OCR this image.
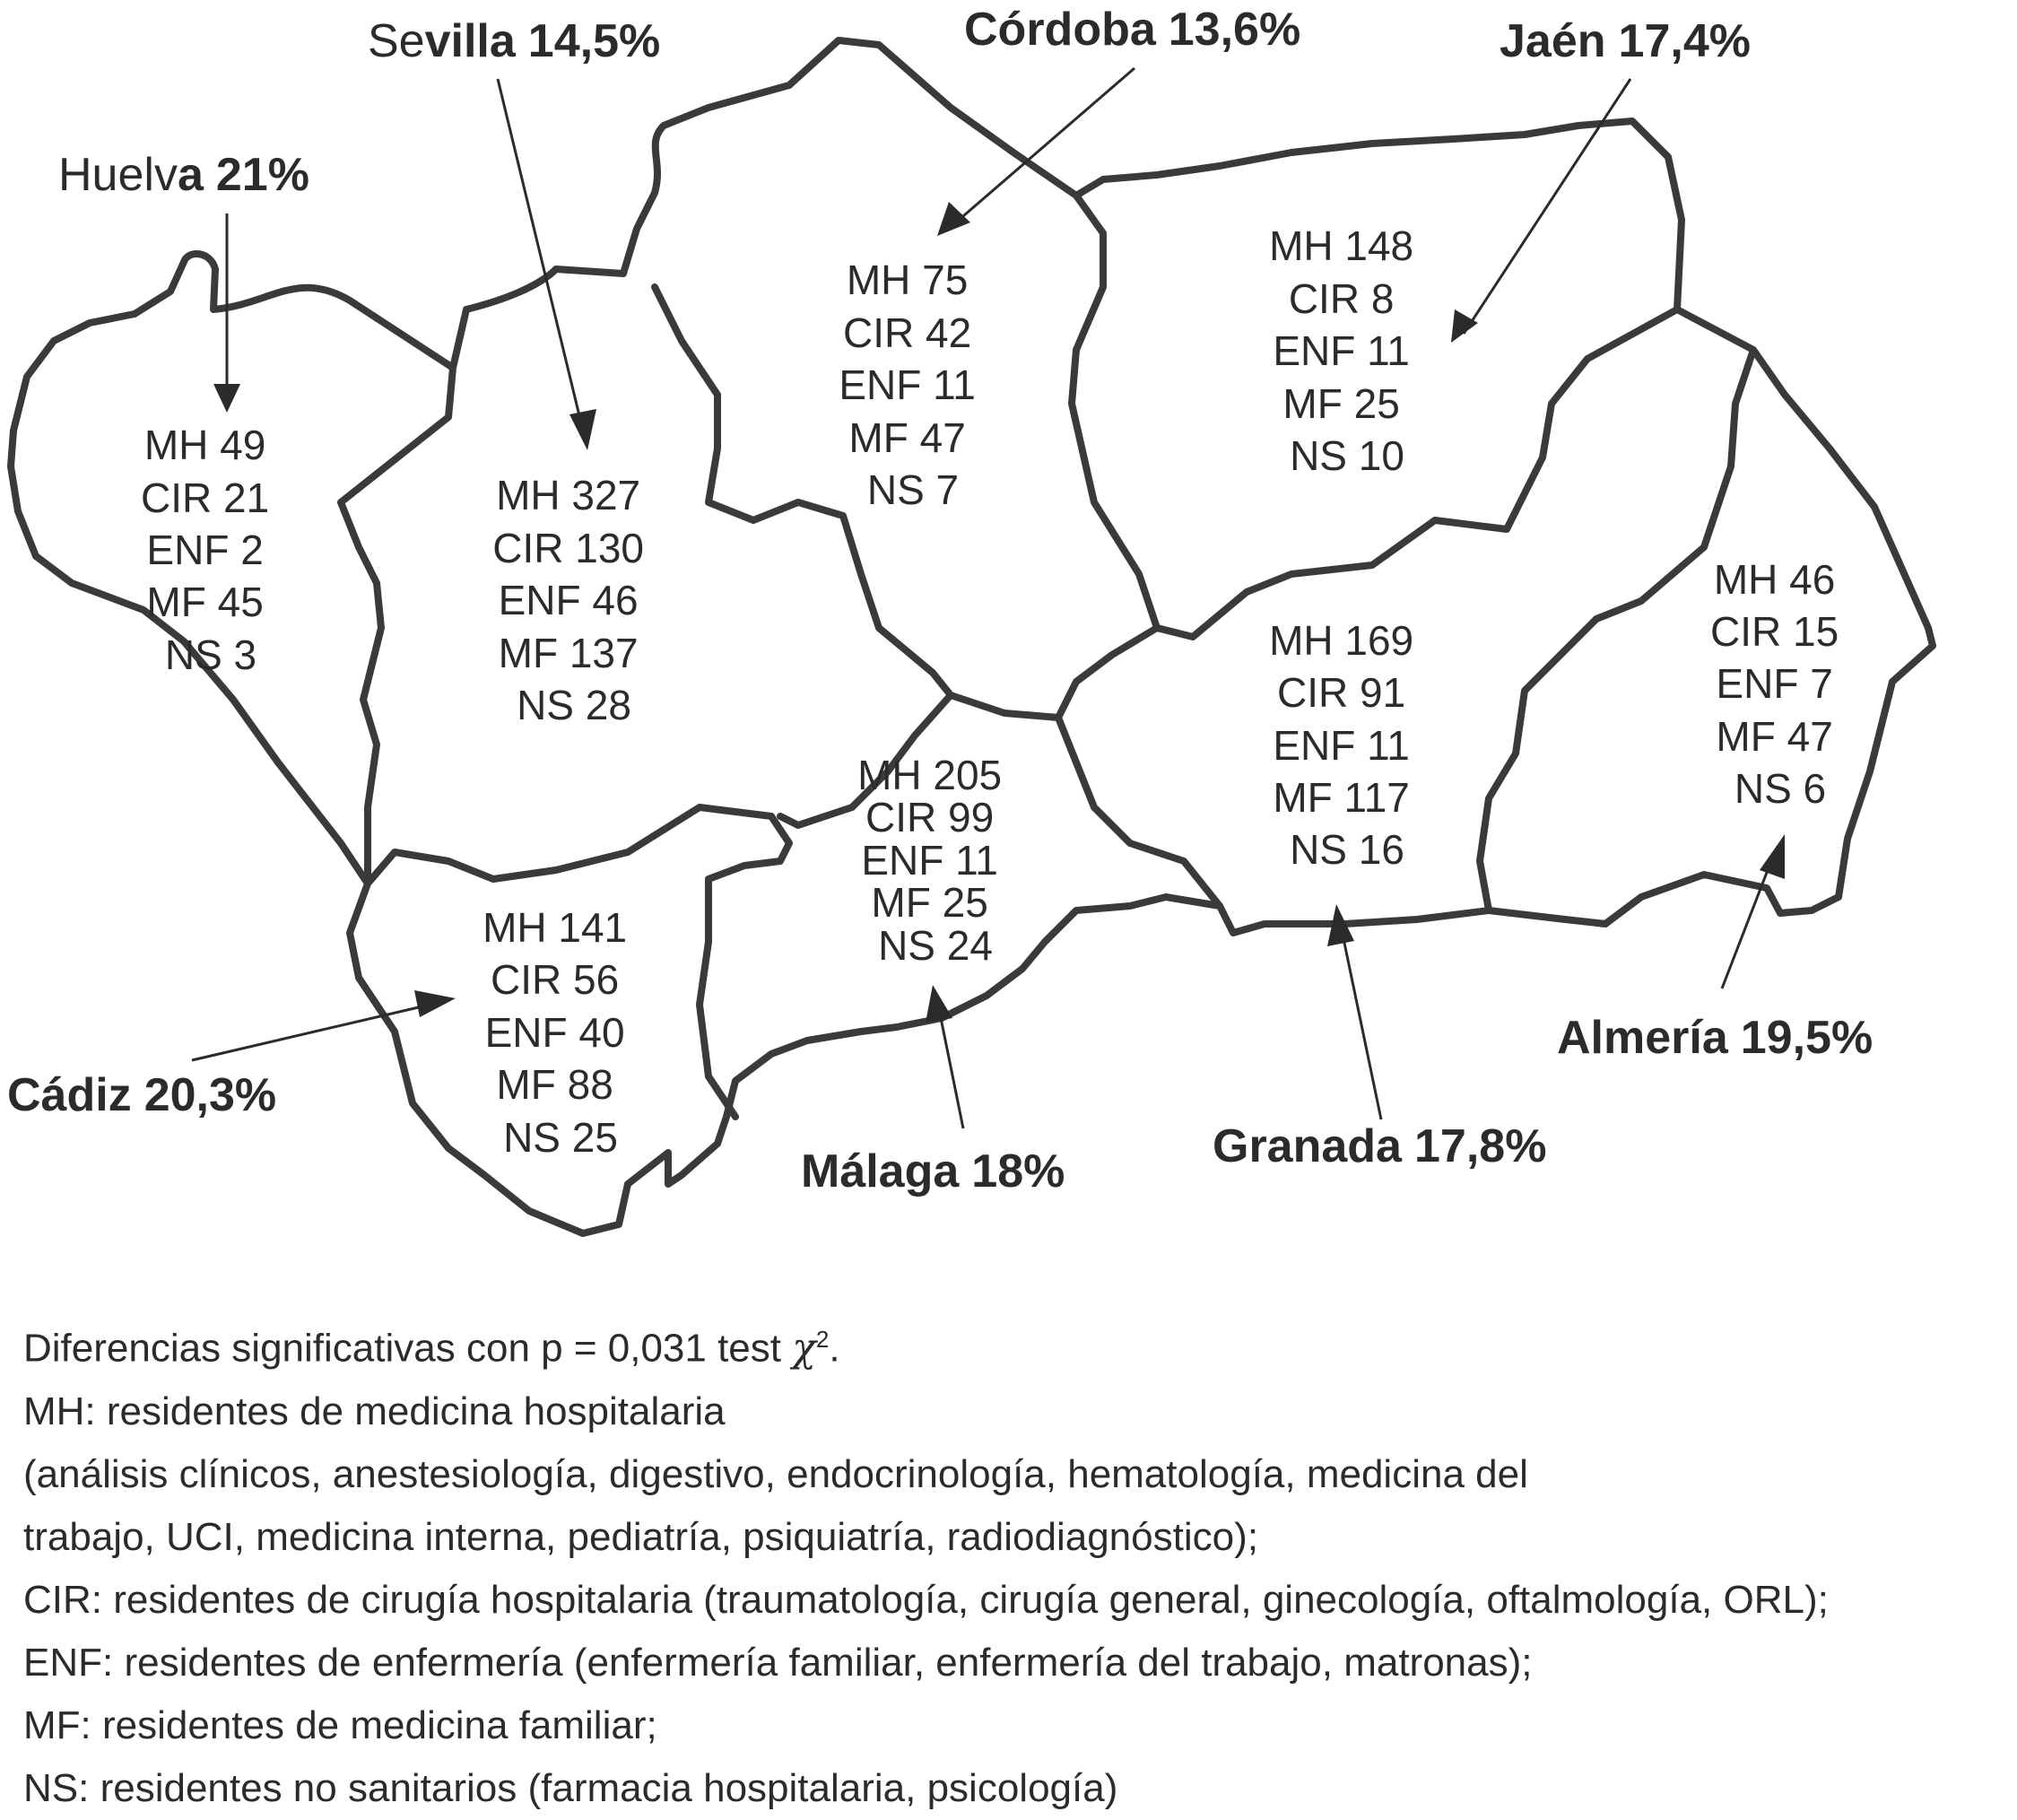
Huelva 21%
Sevilla 14,5%	Córdoba 13,6%	Jaén 17,4%
Almería 19,5%
Granada 17,8%
Málaga 18%
Cádiz 20,3%
MH 49 CIR 21 ENF 2 MF 45 NS 3
MH 327 CIR 130 ENF 46 MF 137 NS 28
MH 75 CIR 42 ENF 11 MF 47 NS 7
MH 148 CIR 8 ENF 11 MF 25 NS 10
MH 46 CIR 15 ENF 7 MF 47 NS 6
MH 169 CIR 91 ENF 11 MF 117 NS 16
MH 205 CIR 99 ENF 11 MF 25 NS 24
MH 141 CIR 56 ENF 40 MF 88 NS 25
Diferencias significativas con p = 0,031 test $\chi^2$.
MH: residentes de medicina hospitalaria
(análisis clínicos, anestesiología, digestivo, endocrinología, hematología, medicina del
trabajo, UCI, medicina interna, pediatría, psiquiatría, radiodiagnóstico);
CIR: residentes de cirugía hospitalaria (traumatología, cirugía general, ginecología, oftalmología, ORL);
ENF: residentes de enfermería (enfermería familiar, enfermería del trabajo, matronas);
MF: residentes de medicina familiar;
NS: residentes no sanitarios (farmacia hospitalaria, psicología)
